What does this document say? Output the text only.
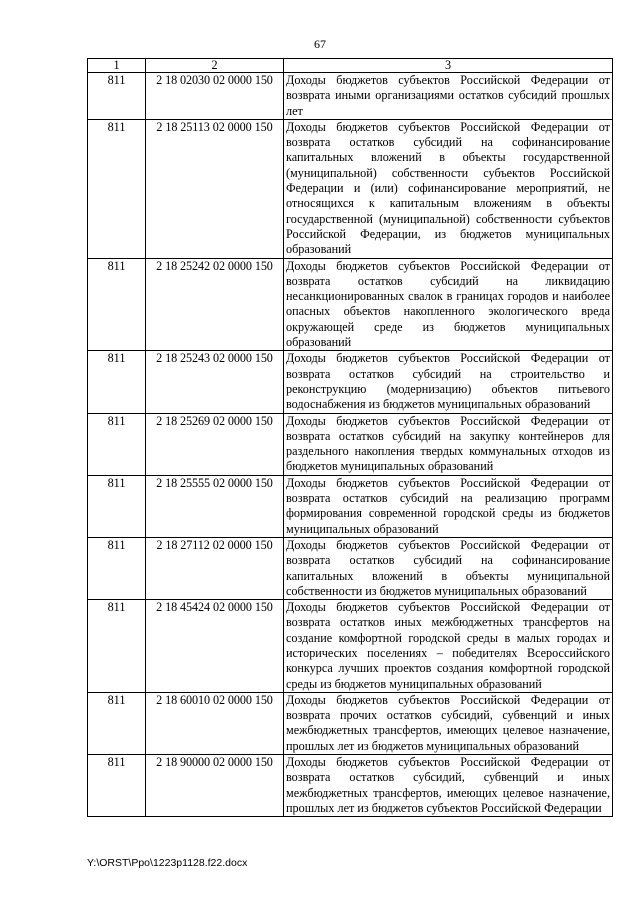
67
1	2	3
811	2 18 02030 02 0000 150	Доходы бюджетов субъектов Российской Федерации от возврата иными организациями остатков субсидий прошлых лет
811	2 18 25113 02 0000 150	Доходы бюджетов субъектов Российской Федерации от возврата остатков субсидий на софинансирование капитальных вложений в объекты государственной (муниципальной) собственности субъектов Российской Федерации и (или) софинансирование мероприятий, не относящихся к капитальным вложениям в объекты государственной (муниципальной) собственности субъектов Российской Федерации, из бюджетов муниципальных образований
811	2 18 25242 02 0000 150	Доходы бюджетов субъектов Российской Федерации от возврата остатков субсидий на ликвидацию несанкционированных свалок в границах городов и наиболее опасных объектов накопленного экологического вреда окружающей среде из бюджетов муниципальных образований
811	2 18 25243 02 0000 150	Доходы бюджетов субъектов Российской Федерации от возврата остатков субсидий на строительство и реконструкцию (модернизацию) объектов питьевого водоснабжения из бюджетов муниципальных образований
811	2 18 25269 02 0000 150	Доходы бюджетов субъектов Российской Федерации от возврата остатков субсидий на закупку контейнеров для раздельного накопления твердых коммунальных отходов из бюджетов муниципальных образований
811	2 18 25555 02 0000 150	Доходы бюджетов субъектов Российской Федерации от возврата остатков субсидий на реализацию программ формирования современной городской среды из бюджетов муниципальных образований
811	2 18 27112 02 0000 150	Доходы бюджетов субъектов Российской Федерации от возврата остатков субсидий на софинансирование капитальных вложений в объекты муниципальной собственности из бюджетов муниципальных образований
811	2 18 45424 02 0000 150	Доходы бюджетов субъектов Российской Федерации от возврата остатков иных межбюджетных трансфертов на создание комфортной городской среды в малых городах и исторических поселениях – победителях Всероссийского конкурса лучших проектов создания комфортной городской среды из бюджетов муниципальных образований
811	2 18 60010 02 0000 150	Доходы бюджетов субъектов Российской Федерации от возврата прочих остатков субсидий, субвенций и иных межбюджетных трансфертов, имеющих целевое назначение, прошлых лет из бюджетов муниципальных образований
811	2 18 90000 02 0000 150	Доходы бюджетов субъектов Российской Федерации от возврата остатков субсидий, субвенций и иных межбюджетных трансфертов, имеющих целевое назначение, прошлых лет из бюджетов субъектов Российской Федерации
Y:\ORST\Ppo\1223p1128.f22.docx
